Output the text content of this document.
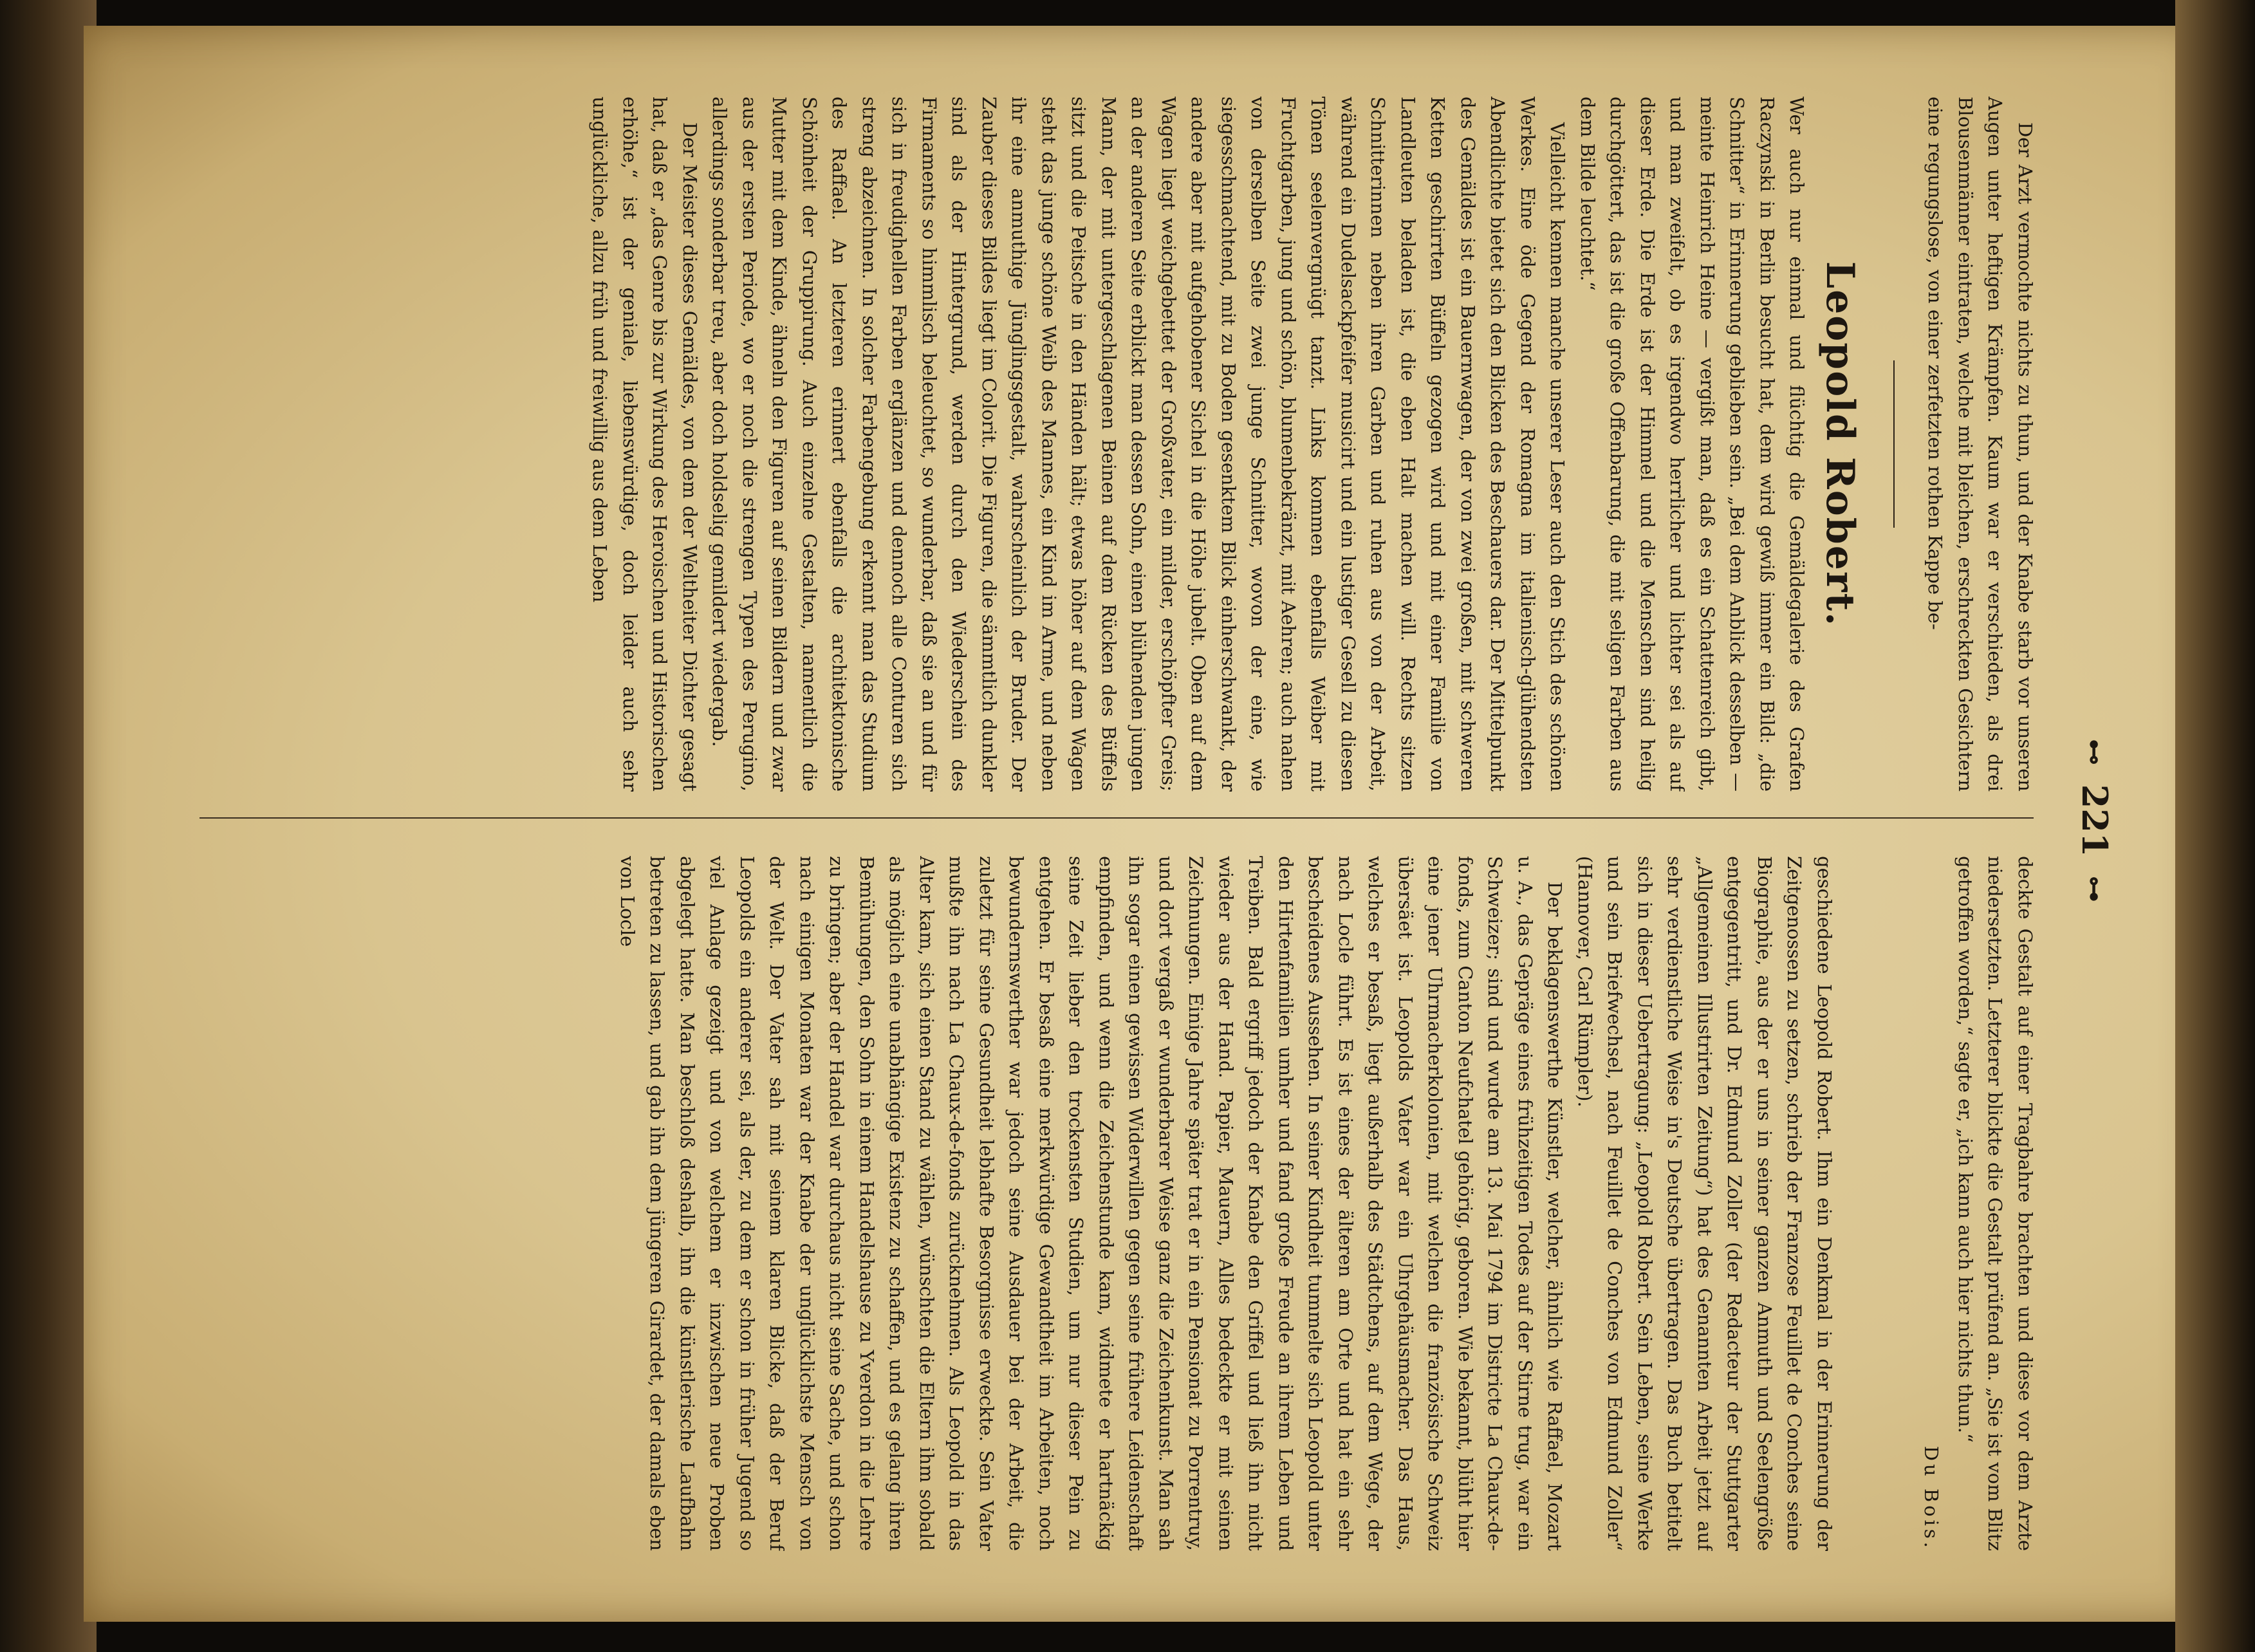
⊷
221
⊶

Der Arzt vermochte nichts zu thun, und der Knabe starb vor unseren Augen unter heftigen Krämpfen. Kaum war er verschieden, als drei Blousenmänner eintraten, welche mit bleichen, erschreckten Gesichtern eine regungslose, von einer zerfetzten rothen Kappe be-

Leopold Robert.

Wer auch nur einmal und flüchtig die Gemäldegalerie des Grafen Raczynski in Berlin besucht hat, dem wird gewiß immer ein Bild: „die Schnitter“ in Erinnerung geblieben sein. „Bei dem Anblick desselben — meinte Heinrich Heine — vergißt man, daß es ein Schattenreich gibt, und man zweifelt, ob es irgendwo herrlicher und lichter sei als auf dieser Erde. Die Erde ist der Himmel und die Menschen sind heilig durchgöttert, das ist die große Offenbarung, die mit seligen Farben aus dem Bilde leuchtet.“

Vielleicht kennen manche unserer Leser auch den Stich des schönen Werkes. Eine öde Gegend der Romagna im italienisch-glühendsten Abendlichte bietet sich den Blicken des Beschauers dar. Der Mittelpunkt des Gemäldes ist ein Bauernwagen, der von zwei großen, mit schweren Ketten geschirrten Büffeln gezogen wird und mit einer Familie von Landleuten beladen ist, die eben Halt machen will. Rechts sitzen Schnitterinnen neben ihren Garben und ruhen aus von der Arbeit, während ein Dudelsackpfeifer musicirt und ein lustiger Gesell zu diesen Tönen seelenvergnügt tanzt. Links kommen ebenfalls Weiber mit Fruchtgarben, jung und schön, blumenbekränzt, mit Aehren; auch nahen von derselben Seite zwei junge Schnitter, wovon der eine, wie siegesschmachtend, mit zu Boden gesenktem Blick einherschwankt, der andere aber mit aufgehobener Sichel in die Höhe jubelt. Oben auf dem Wagen liegt weichgebettet der Großvater, ein milder, erschöpfter Greis; an der anderen Seite erblickt man dessen Sohn, einen blühenden jungen Mann, der mit untergeschlagenen Beinen auf dem Rücken des Büffels sitzt und die Peitsche in den Händen hält; etwas höher auf dem Wagen steht das junge schöne Weib des Mannes, ein Kind im Arme, und neben ihr eine anmuthige Jünglingsgestalt, wahrscheinlich der Bruder. Der Zauber dieses Bildes liegt im Colorit. Die Figuren, die sämmtlich dunkler sind als der Hintergrund, werden durch den Wiederschein des Firmaments so himmlisch beleuchtet, so wunderbar, daß sie an und für sich in freudighellen Farben erglänzen und dennoch alle Conturen sich streng abzeichnen. In solcher Farbengebung erkennt man das Studium des Raffael. An letzteren erinnert ebenfalls die architektonische Schönheit der Gruppirung. Auch einzelne Gestalten, namentlich die Mutter mit dem Kinde, ähneln den Figuren auf seinen Bildern und zwar aus der ersten Periode, wo er noch die strengen Typen des Perugino, allerdings sonderbar treu, aber doch holdselig gemildert wiedergab.

Der Meister dieses Gemäldes, von dem der Weltheiter Dichter gesagt hat, daß er „das Genre bis zur Wirkung des Heroischen und Historischen erhöhe,“ ist der geniale, liebenswürdige, doch leider auch sehr unglückliche, allzu früh und freiwillig aus dem Leben

deckte Gestalt auf einer Tragbahre brachten und diese vor dem Arzte niedersetzten. Letzterer blickte die Gestalt prüfend an. „Sie ist vom Blitz getroffen worden,“ sagte er, „ich kann auch hier nichts thun.“

Du Bois.

geschiedene Leopold Robert. Ihm ein Denkmal in der Erinnerung der Zeitgenossen zu setzen, schrieb der Franzose Feuillet de Conches seine Biographie, aus der er uns in seiner ganzen Anmuth und Seelengröße entgegentritt, und Dr. Edmund Zoller (der Redacteur der Stuttgarter „Allgemeinen Illustrirten Zeitung“) hat des Genannten Arbeit jetzt auf sehr verdienstliche Weise in's Deutsche übertragen. Das Buch betitelt sich in dieser Uebertragung: „Leopold Robert. Sein Leben, seine Werke und sein Briefwechsel, nach Feuillet de Conches von Edmund Zoller“ (Hannover, Carl Rümpler).

Der beklagenswerthe Künstler, welcher, ähnlich wie Raffael, Mozart u. A., das Gepräge eines frühzeitigen Todes auf der Stirne trug, war ein Schweizer; sind und wurde am 13. Mai 1794 im Districte La Chaux-de-fonds, zum Canton Neufchatel gehörig, geboren. Wie bekannt, blüht hier eine jener Uhrmacherkolonien, mit welchen die französische Schweiz übersäet ist. Leopolds Vater war ein Uhrgehäusmacher. Das Haus, welches er besaß, liegt außerhalb des Städtchens, auf dem Wege, der nach Locle führt. Es ist eines der älteren am Orte und hat ein sehr bescheidenes Aussehen. In seiner Kindheit tummelte sich Leopold unter den Hirtenfamilien umher und fand große Freude an ihrem Leben und Treiben. Bald ergriff jedoch der Knabe den Griffel und ließ ihn nicht wieder aus der Hand. Papier, Mauern, Alles bedeckte er mit seinen Zeichnungen. Einige Jahre später trat er in ein Pensionat zu Porrentruy, und dort vergaß er wunderbarer Weise ganz die Zeichenkunst. Man sah ihn sogar einen gewissen Widerwillen gegen seine frühere Leidenschaft empfinden, und wenn die Zeichenstunde kam, widmete er hartnäckig seine Zeit lieber den trockensten Studien, um nur dieser Pein zu entgehen. Er besaß eine merkwürdige Gewandtheit im Arbeiten, noch bewundernswerther war jedoch seine Ausdauer bei der Arbeit, die zuletzt für seine Gesundheit lebhafte Besorgnisse erweckte. Sein Vater mußte ihn nach La Chaux-de-fonds zurücknehmen. Als Leopold in das Alter kam, sich einen Stand zu wählen, wünschten die Eltern ihm sobald als möglich eine unabhängige Existenz zu schaffen, und es gelang ihren Bemühungen, den Sohn in einem Handelshause zu Yverdon in die Lehre zu bringen; aber der Handel war durchaus nicht seine Sache, und schon nach einigen Monaten war der Knabe der unglücklichste Mensch von der Welt. Der Vater sah mit seinem klaren Blicke, daß der Beruf Leopolds ein anderer sei, als der, zu dem er schon in früher Jugend so viel Anlage gezeigt und von welchem er inzwischen neue Proben abgelegt hatte. Man beschloß deshalb, ihn die künstlerische Laufbahn betreten zu lassen, und gab ihn dem jüngeren Girardet, der damals eben von Locle
